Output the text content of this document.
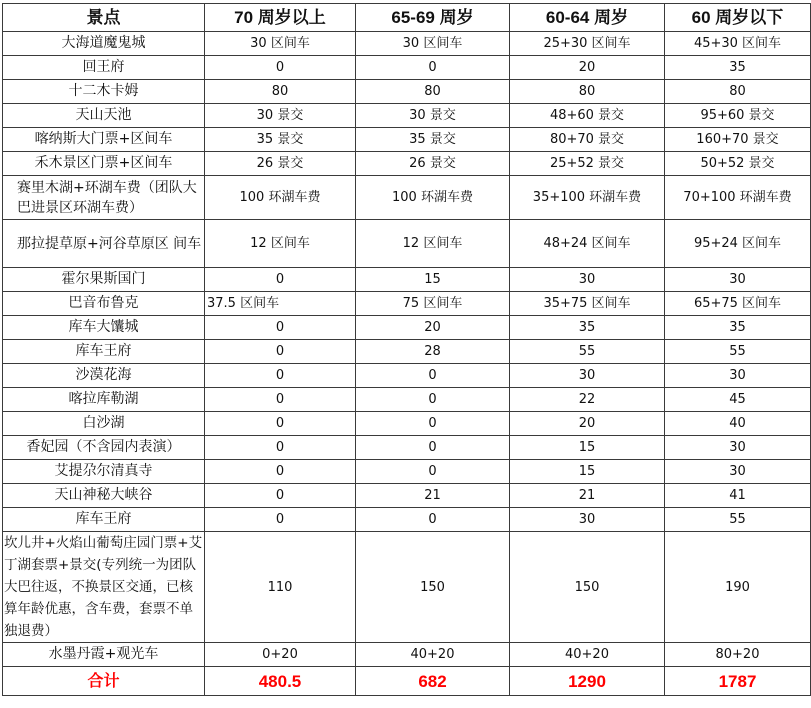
景点	70 周岁以上	65-69 周岁	60-64 周岁	60 周岁以下
大海道魔鬼城	30 区间车	30 区间车	25+30 区间车	45+30 区间车
回王府	0	0	20	35
十二木卡姆	80	80	80	80
天山天池	30 景交	30 景交	48+60 景交	95+60 景交
喀纳斯大门票+区间车	35 景交	35 景交	80+70 景交	160+70 景交
禾木景区门票+区间车	26 景交	26 景交	25+52 景交	50+52 景交
赛里木湖+环湖车费（团队大巴进景区环湖车费）	100 环湖车费	100 环湖车费	35+100 环湖车费	70+100 环湖车费
那拉提草原+河谷草原区 间车	12 区间车	12 区间车	48+24 区间车	95+24 区间车
霍尔果斯国门	0	15	30	30
巴音布鲁克	37.5 区间车	75 区间车	35+75 区间车	65+75 区间车
库车大馕城	0	20	35	35
库车王府	0	28	55	55
沙漠花海	0	0	30	30
喀拉库勒湖	0	0	22	45
白沙湖	0	0	20	40
香妃园（不含园内表演）	0	0	15	30
艾提尕尔清真寺	0	0	15	30
天山神秘大峡谷	0	21	21	41
库车王府	0	0	30	55
坎儿井+火焰山葡萄庄园门票+艾丁湖套票+景交(专列统一为团队大巴往返，不换景区交通，已核算年龄优惠，含车费，套票不单独退费）	110	150	150	190
水墨丹霞+观光车	0+20	40+20	40+20	80+20
合计	480.5	682	1290	1787
